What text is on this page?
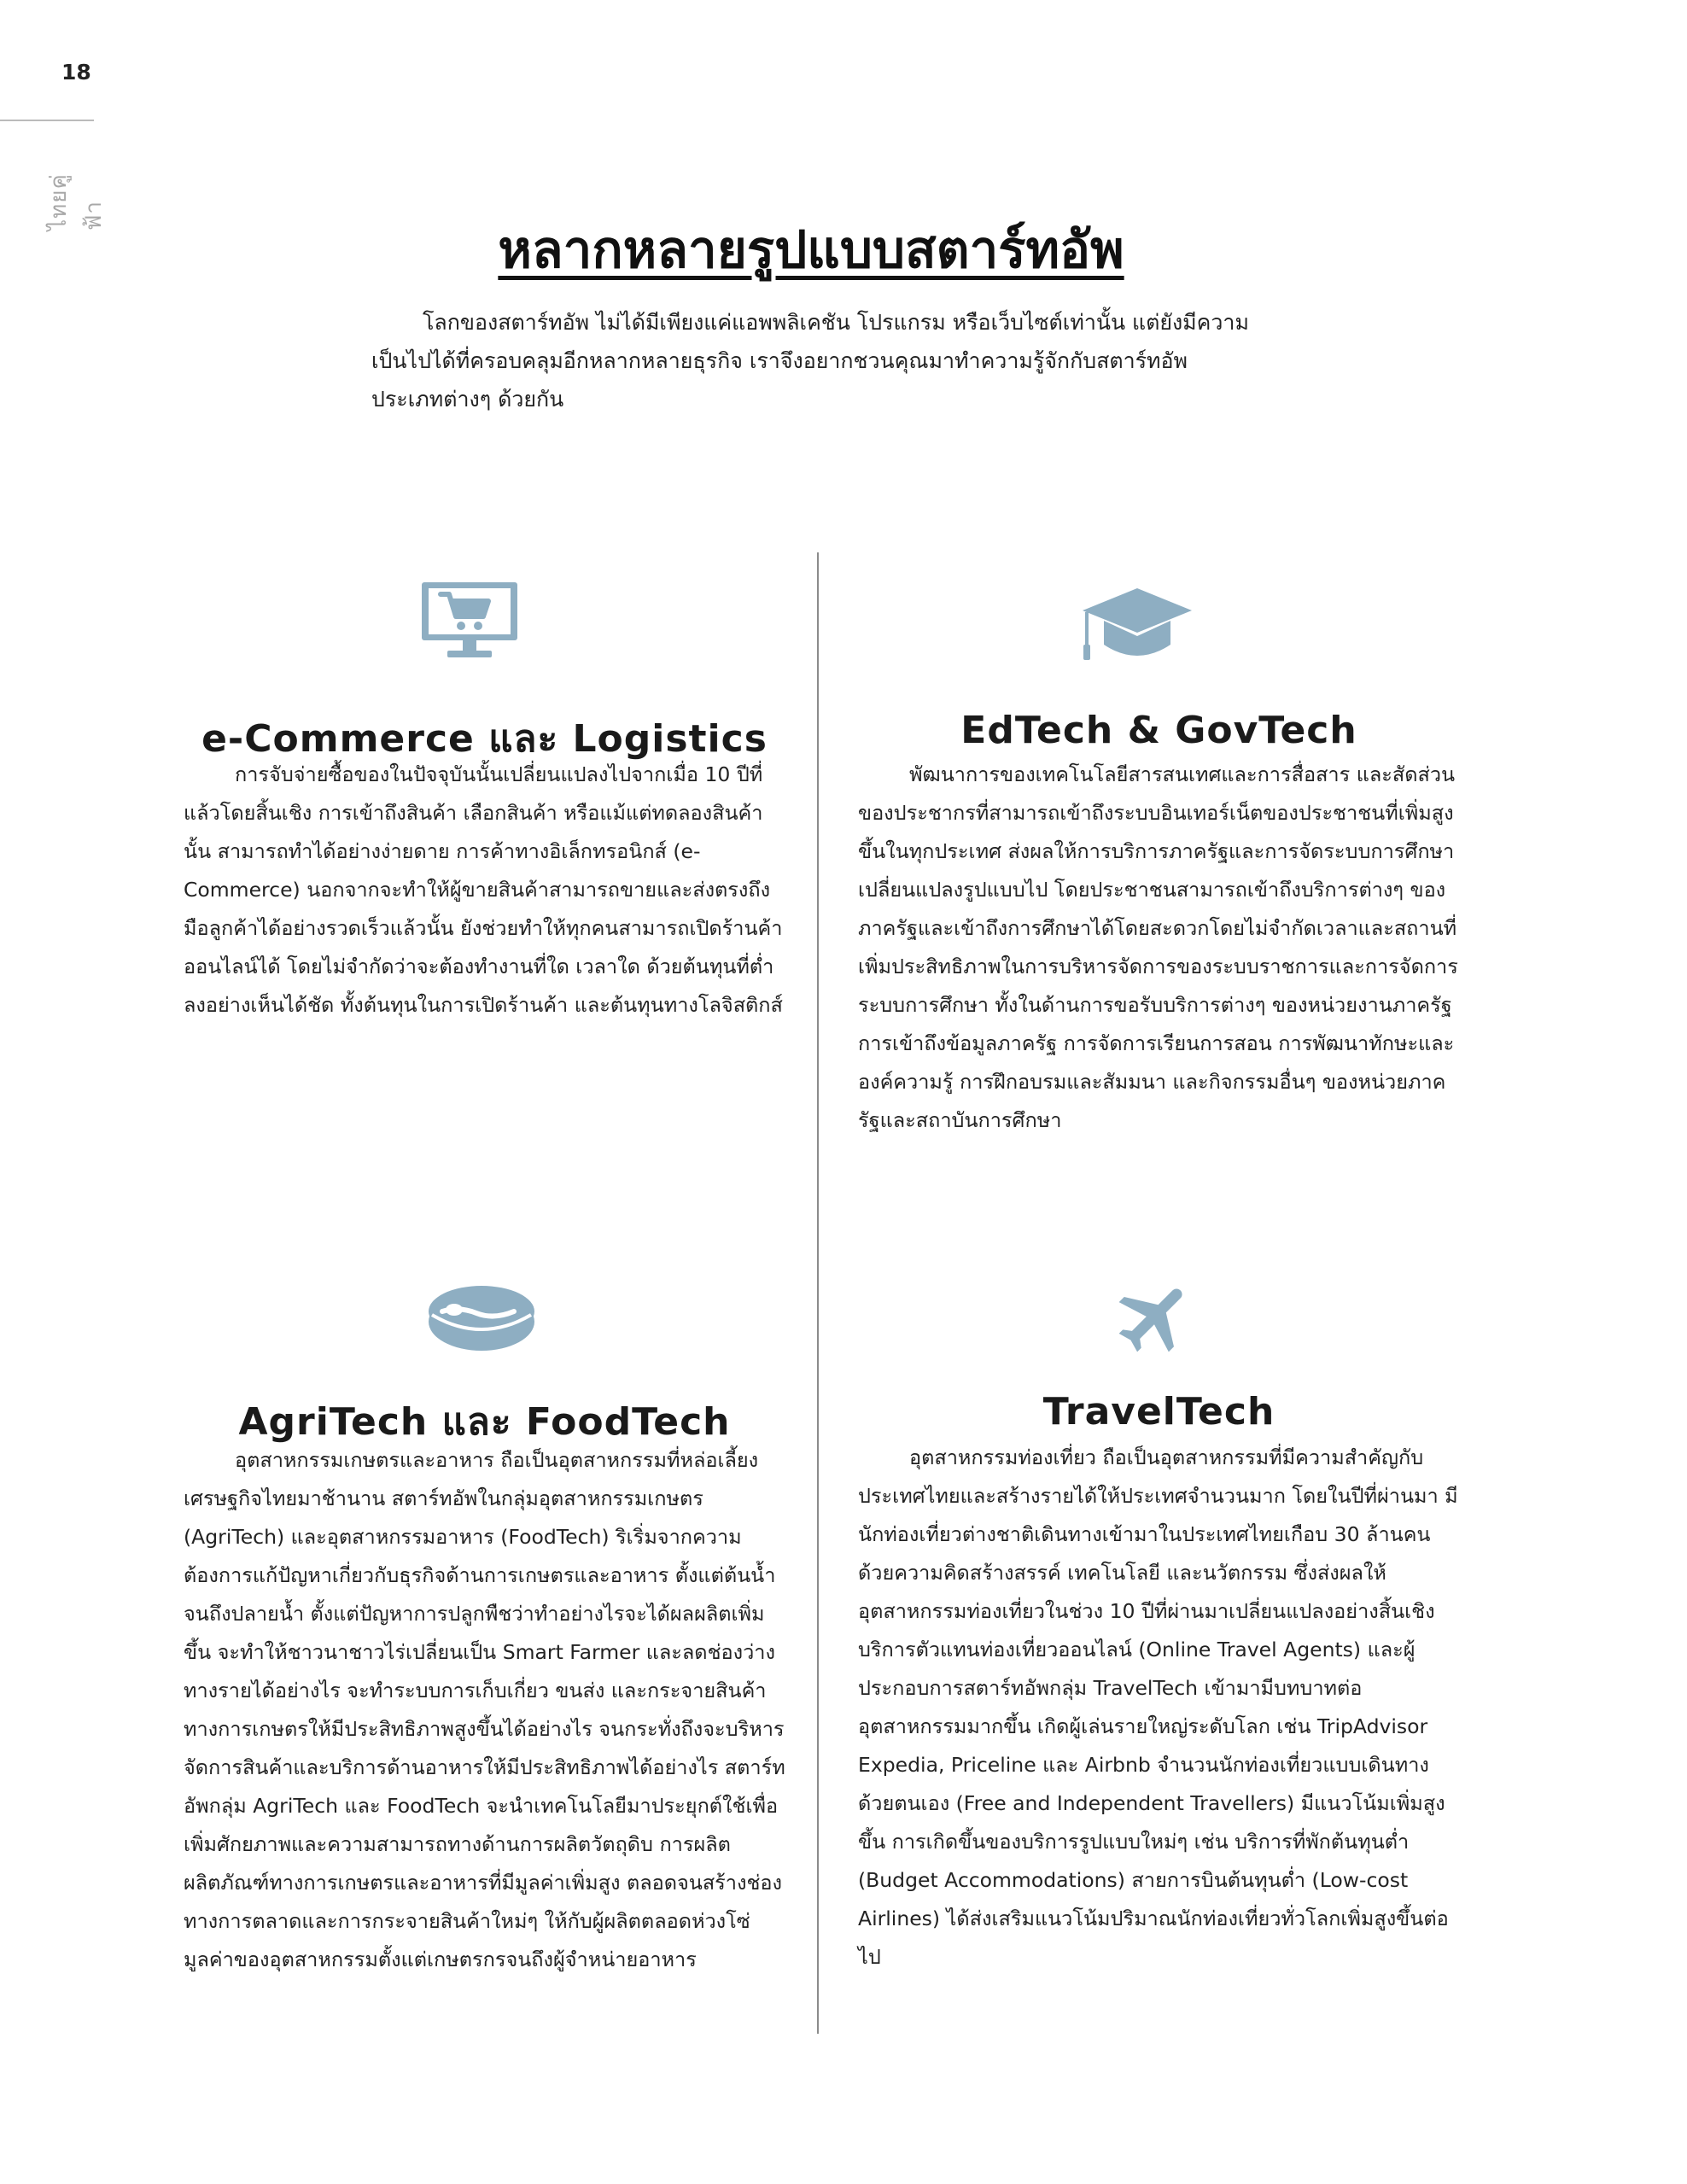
18
ไทยคู่ฟ้า
หลากหลายรูปแบบสตาร์ทอัพ

โลกของสตาร์ทอัพ ไม่ได้มีเพียงแค่แอพพลิเคชัน โปรแกรม หรือเว็บไซต์เท่านั้น แต่ยังมีความเป็นไปได้ที่ครอบคลุมอีกหลากหลายธุรกิจ เราจึงอยากชวนคุณมาทำความรู้จักกับสตาร์ทอัพประเภทต่างๆ ด้วยกัน

e-Commerce และ Logistics

การจับจ่ายซื้อของในปัจจุบันนั้นเปลี่ยนแปลงไปจากเมื่อ 10 ปีที่แล้วโดยสิ้นเชิง การเข้าถึงสินค้า เลือกสินค้า หรือแม้แต่ทดลองสินค้านั้น สามารถทำได้อย่างง่ายดาย การค้าทางอิเล็กทรอนิกส์ (e-Commerce) นอกจากจะทำให้ผู้ขายสินค้าสามารถขายและส่งตรงถึงมือลูกค้าได้อย่างรวดเร็วแล้วนั้น ยังช่วยทำให้ทุกคนสามารถเปิดร้านค้าออนไลน์ได้ โดยไม่จำกัดว่าจะต้องทำงานที่ใด เวลาใด ด้วยต้นทุนที่ต่ำลงอย่างเห็นได้ชัด ทั้งต้นทุนในการเปิดร้านค้า และต้นทุนทางโลจิสติกส์

EdTech & GovTech

พัฒนาการของเทคโนโลยีสารสนเทศและการสื่อสาร และสัดส่วนของประชากรที่สามารถเข้าถึงระบบอินเทอร์เน็ตของประชาชนที่เพิ่มสูงขึ้นในทุกประเทศ ส่งผลให้การบริการภาครัฐและการจัดระบบการศึกษาเปลี่ยนแปลงรูปแบบไป โดยประชาชนสามารถเข้าถึงบริการต่างๆ ของภาครัฐและเข้าถึงการศึกษาได้โดยสะดวกโดยไม่จำกัดเวลาและสถานที่ เพิ่มประสิทธิภาพในการบริหารจัดการของระบบราชการและการจัดการระบบการศึกษา ทั้งในด้านการขอรับบริการต่างๆ ของหน่วยงานภาครัฐ การเข้าถึงข้อมูลภาครัฐ การจัดการเรียนการสอน การพัฒนาทักษะและองค์ความรู้ การฝึกอบรมและสัมมนา และกิจกรรมอื่นๆ ของหน่วยภาครัฐและสถาบันการศึกษา

AgriTech และ FoodTech

อุตสาหกรรมเกษตรและอาหาร ถือเป็นอุตสาหกรรมที่หล่อเลี้ยงเศรษฐกิจไทยมาช้านาน สตาร์ทอัพในกลุ่มอุตสาหกรรมเกษตร (AgriTech) และอุตสาหกรรมอาหาร (FoodTech) ริเริ่มจากความต้องการแก้ปัญหาเกี่ยวกับธุรกิจด้านการเกษตรและอาหาร ตั้งแต่ต้นน้ำจนถึงปลายน้ำ ตั้งแต่ปัญหาการปลูกพืชว่าทำอย่างไรจะได้ผลผลิตเพิ่มขึ้น จะทำให้ชาวนาชาวไร่เปลี่ยนเป็น Smart Farmer และลดช่องว่างทางรายได้อย่างไร จะทำระบบการเก็บเกี่ยว ขนส่ง และกระจายสินค้าทางการเกษตรให้มีประสิทธิภาพสูงขึ้นได้อย่างไร จนกระทั่งถึงจะบริหารจัดการสินค้าและบริการด้านอาหารให้มีประสิทธิภาพได้อย่างไร สตาร์ทอัพกลุ่ม AgriTech และ FoodTech จะนำเทคโนโลยีมาประยุกต์ใช้เพื่อเพิ่มศักยภาพและความสามารถทางด้านการผลิตวัตถุดิบ การผลิตผลิตภัณฑ์ทางการเกษตรและอาหารที่มีมูลค่าเพิ่มสูง ตลอดจนสร้างช่องทางการตลาดและการกระจายสินค้าใหม่ๆ ให้กับผู้ผลิตตลอดห่วงโซ่มูลค่าของอุตสาหกรรมตั้งแต่เกษตรกรจนถึงผู้จำหน่ายอาหาร

TravelTech

อุตสาหกรรมท่องเที่ยว ถือเป็นอุตสาหกรรมที่มีความสำคัญกับประเทศไทยและสร้างรายได้ให้ประเทศจำนวนมาก โดยในปีที่ผ่านมา มีนักท่องเที่ยวต่างชาติเดินทางเข้ามาในประเทศไทยเกือบ 30 ล้านคนด้วยความคิดสร้างสรรค์ เทคโนโลยี และนวัตกรรม ซึ่งส่งผลให้อุตสาหกรรมท่องเที่ยวในช่วง 10 ปีที่ผ่านมาเปลี่ยนแปลงอย่างสิ้นเชิง บริการตัวแทนท่องเที่ยวออนไลน์ (Online Travel Agents) และผู้ประกอบการสตาร์ทอัพกลุ่ม TravelTech เข้ามามีบทบาทต่ออุตสาหกรรมมากขึ้น เกิดผู้เล่นรายใหญ่ระดับโลก เช่น TripAdvisor Expedia, Priceline และ Airbnb จำนวนนักท่องเที่ยวแบบเดินทางด้วยตนเอง (Free and Independent Travellers) มีแนวโน้มเพิ่มสูงขึ้น การเกิดขึ้นของบริการรูปแบบใหม่ๆ เช่น บริการที่พักต้นทุนต่ำ (Budget Accommodations) สายการบินต้นทุนต่ำ (Low-cost Airlines) ได้ส่งเสริมแนวโน้มปริมาณนักท่องเที่ยวทั่วโลกเพิ่มสูงขึ้นต่อไป
